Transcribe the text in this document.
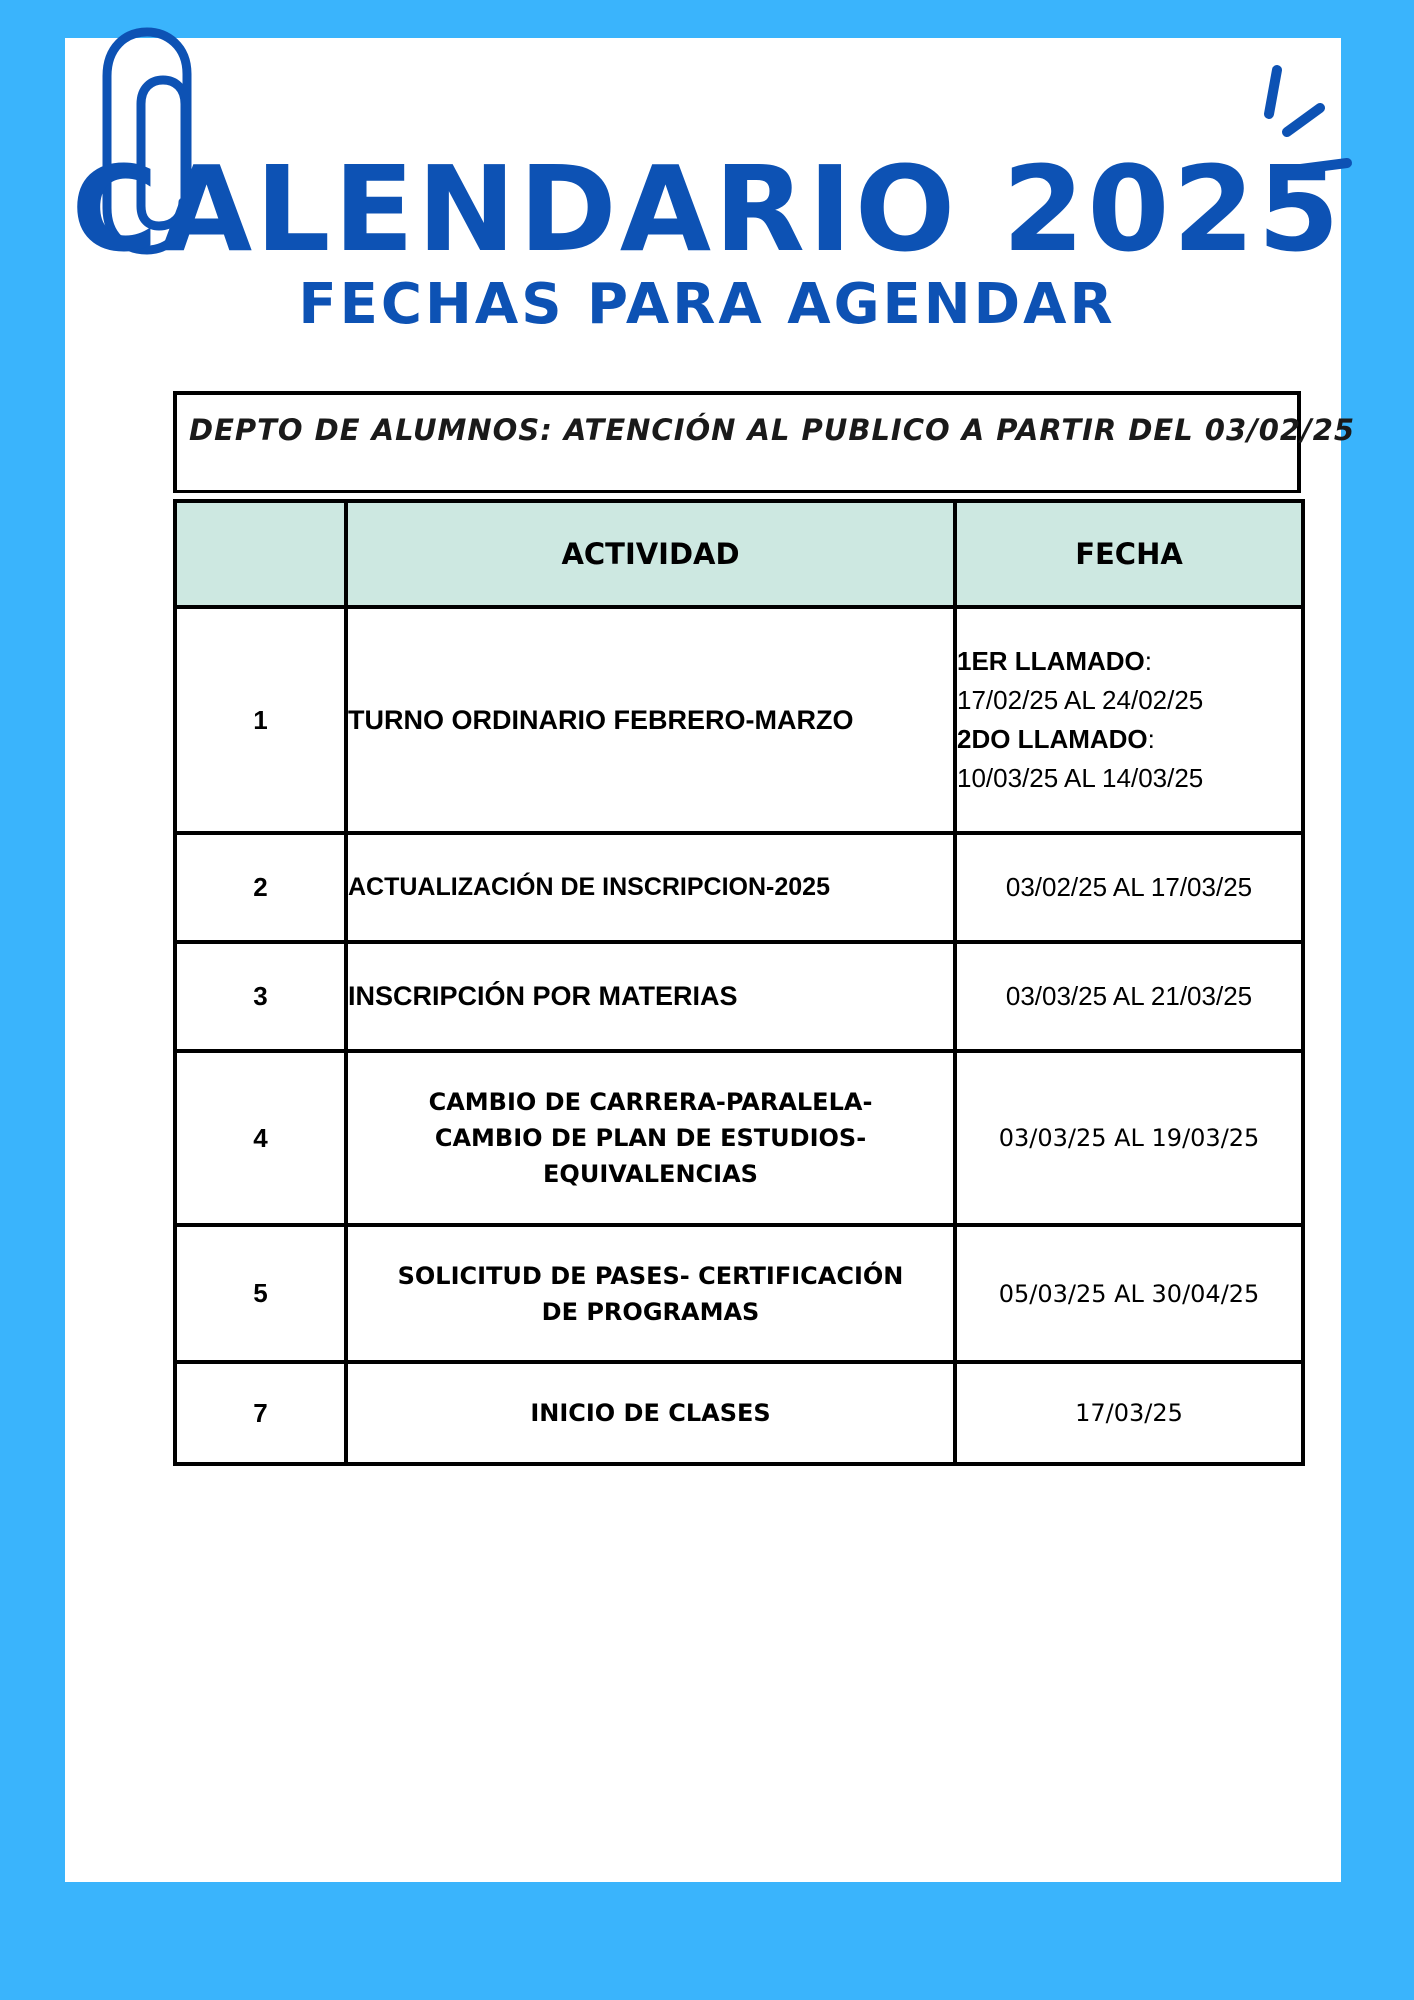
CALENDARIO 2025
FECHAS PARA AGENDAR
DEPTO DE ALUMNOS: ATENCIÓN AL PUBLICO A PARTIR DEL 03/02/25
	ACTIVIDAD	FECHA
1	TURNO ORDINARIO FEBRERO-MARZO	1ER LLAMADO:
17/02/25 AL 24/02/25
2DO LLAMADO:
10/03/25 AL 14/03/25

2	ACTUALIZACIÓN DE INSCRIPCION-2025	03/02/25 AL 17/03/25
3	INSCRIPCIÓN POR MATERIAS	03/03/25 AL 21/03/25
4	CAMBIO DE CARRERA-PARALELA-
CAMBIO DE PLAN DE ESTUDIOS-
EQUIVALENCIAS	03/03/25 AL 19/03/25
5	SOLICITUD DE PASES- CERTIFICACIÓN
DE PROGRAMAS	05/03/25 AL 30/04/25
7	INICIO DE CLASES	17/03/25
